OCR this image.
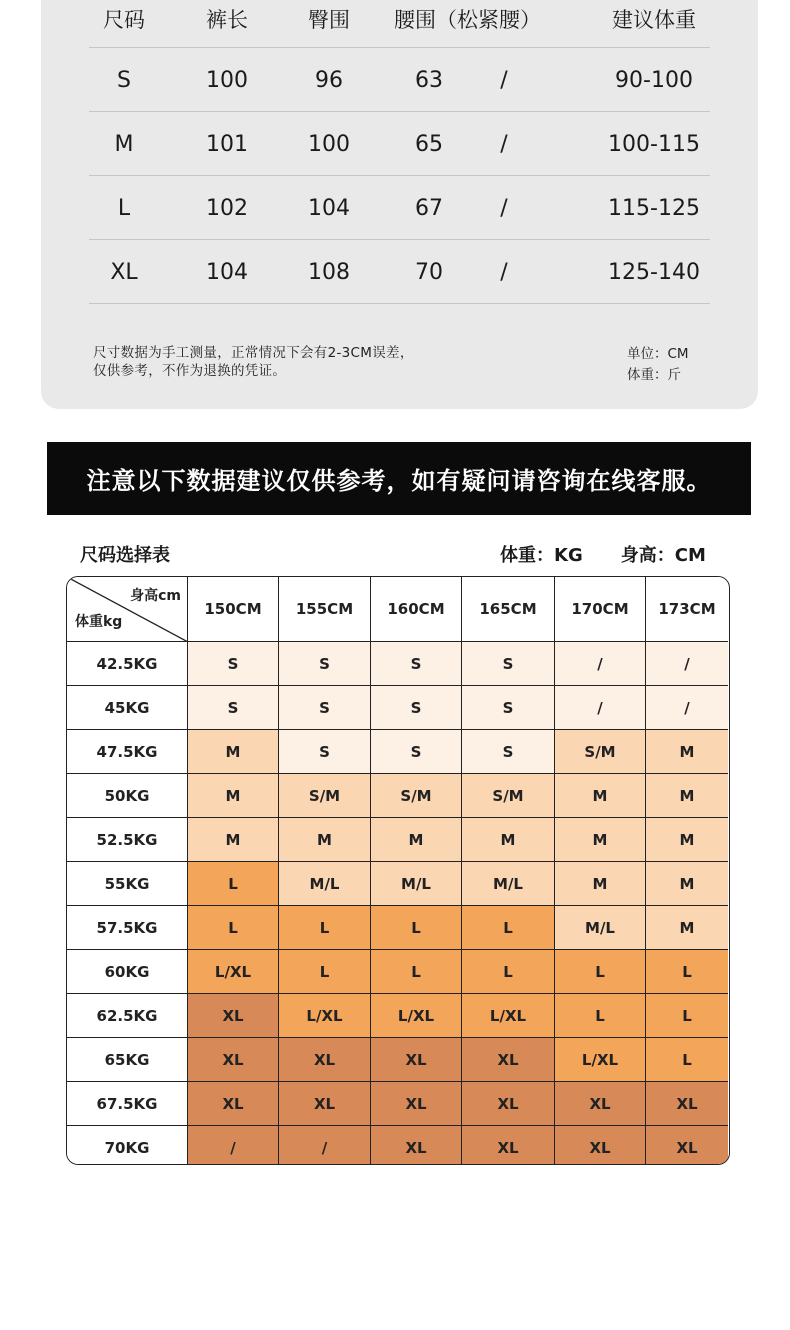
尺码	裤长	臀围	腰围（松紧腰）	建议体重
S	100	96	63	/	90-100
M	101	100	65	/	100-115
L	102	104	67	/	115-125
XL	104	108	70	/	125-140
尺寸数据为手工测量，正常情况下会有2-3CM误差，
仅供参考，不作为退换的凭证。
单位：CM
体重：斤
注意以下数据建议仅供参考，如有疑问请咨询在线客服。
尺码选择表	体重：KG 身高：CM
身高cm
体重kg
150CM	155CM	160CM	165CM	170CM	173CM
42.5KG	S	S	S	S	/	/
45KG	S	S	S	S	/	/
47.5KG	M	S	S	S	S/M	M
50KG	M	S/M	S/M	S/M	M	M
52.5KG	M	M	M	M	M	M
55KG	L	M/L	M/L	M/L	M	M
57.5KG	L	L	L	L	M/L	M
60KG	L/XL	L	L	L	L	L
62.5KG	XL	L/XL	L/XL	L/XL	L	L
65KG	XL	XL	XL	XL	L/XL	L
67.5KG	XL	XL	XL	XL	XL	XL
70KG	/	/	XL	XL	XL	XL
